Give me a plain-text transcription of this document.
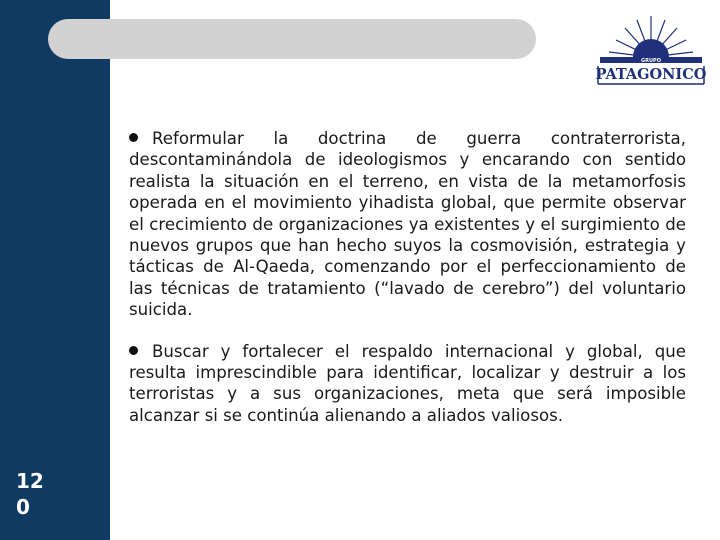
120
GRUPO
PATAGONICO

Reformular la doctrina de guerra contraterrorista, descontaminándola de ideologismos y encarando con sentido realista la situación en el terreno, en vista de la metamorfosis operada en el movimiento yihadista global, que permite observar el crecimiento de organizaciones ya existentes y el surgimiento de nuevos grupos que han hecho suyos la cosmovisión, estrategia y tácticas de Al-Qaeda, comenzando por el perfeccionamiento de las técnicas de tratamiento (“lavado de cerebro”) del voluntario suicida.

Buscar y fortalecer el respaldo internacional y global, que resulta imprescindible para identificar, localizar y destruir a los terroristas y a sus organizaciones, meta que será imposible alcanzar si se continúa alienando a aliados valiosos.
